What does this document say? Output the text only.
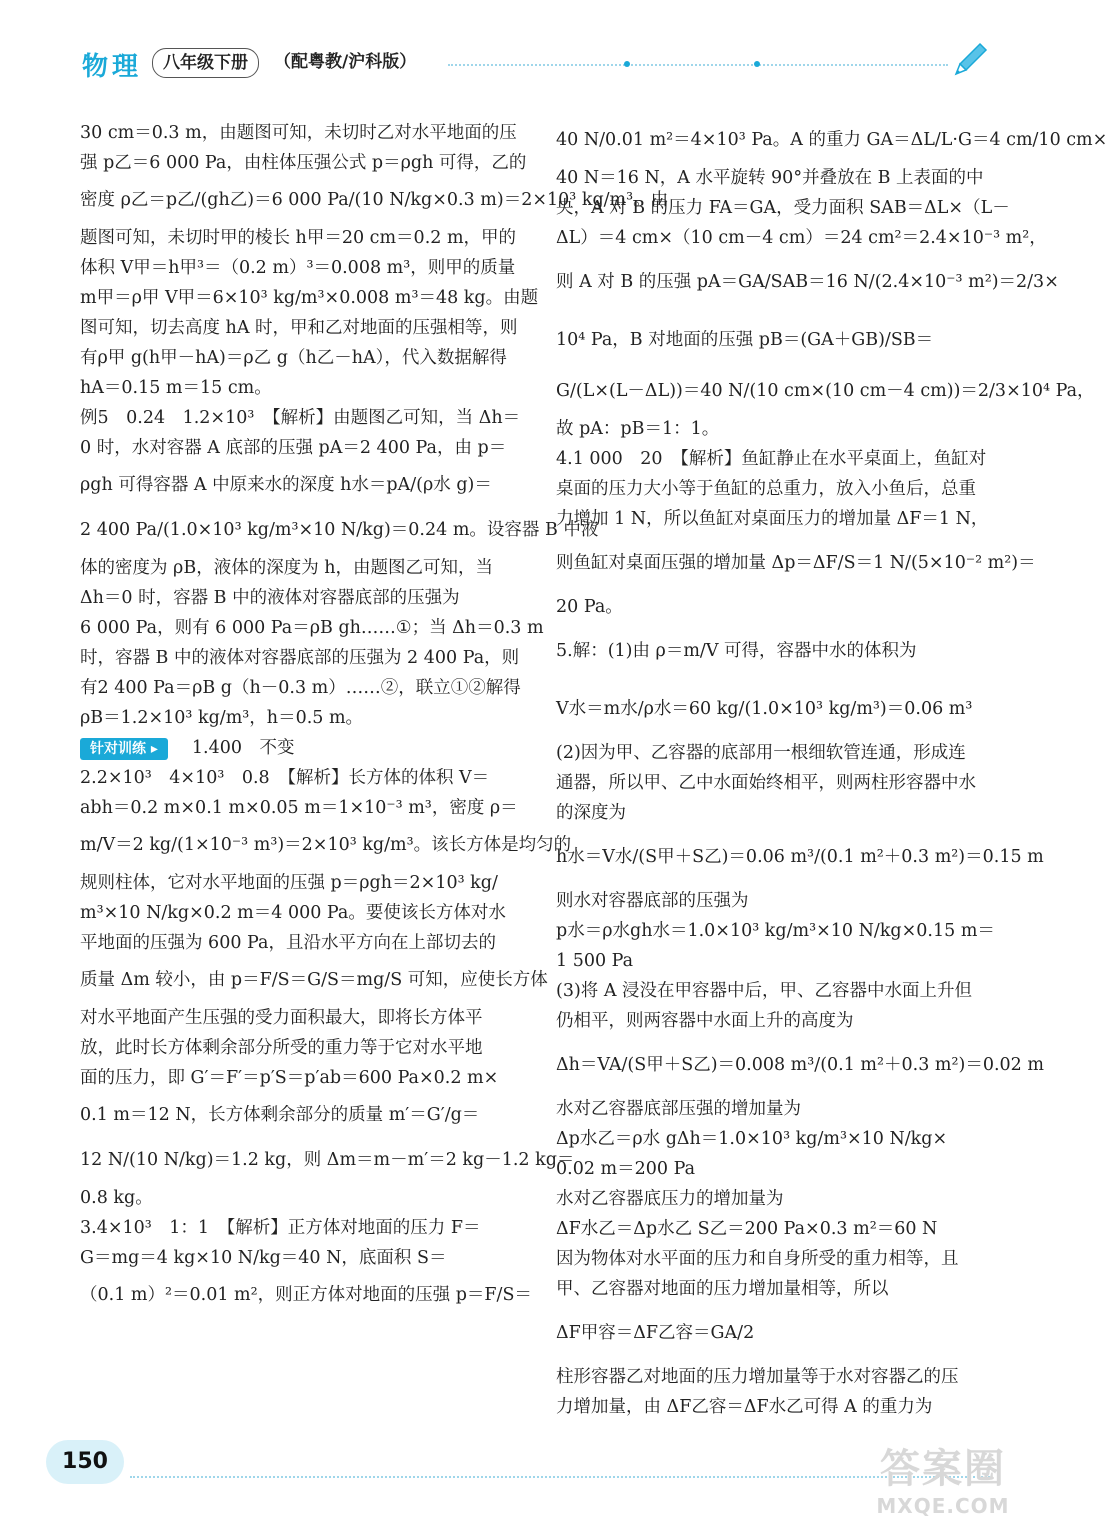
物理	八年级下册	（配粤教/沪科版）
30 cm＝0.3 m，由题图可知，未切时乙对水平地面的压
强 p乙＝6 000 Pa，由柱体压强公式 p＝ρgh 可得，乙的
密度 ρ乙＝p乙/(gh乙)＝6 000 Pa/(10 N/kg×0.3 m)＝2×10³ kg/m³。由
题图可知，未切时甲的棱长 h甲＝20 cm＝0.2 m，甲的
体积 V甲＝h甲³＝（0.2 m）³＝0.008 m³，则甲的质量
m甲＝ρ甲 V甲＝6×10³ kg/m³×0.008 m³＝48 kg。由题
图可知，切去高度 hA 时，甲和乙对地面的压强相等，则
有ρ甲 g(h甲－hA)＝ρ乙 g（h乙－hA），代入数据解得
hA＝0.15 m＝15 cm。
例5　0.24　1.2×10³　【解析】由题图乙可知，当 Δh＝
0 时，水对容器 A 底部的压强 pA＝2 400 Pa，由 p＝
ρgh 可得容器 A 中原来水的深度 h水＝pA/(ρ水 g)＝
2 400 Pa/(1.0×10³ kg/m³×10 N/kg)＝0.24 m。设容器 B 中液
体的密度为 ρB，液体的深度为 h，由题图乙可知，当
Δh＝0 时，容器 B 中的液体对容器底部的压强为
6 000 Pa，则有 6 000 Pa＝ρB gh……①；当 Δh＝0.3 m
时，容器 B 中的液体对容器底部的压强为 2 400 Pa，则
有2 400 Pa＝ρB g（h－0.3 m）……②，联立①②解得
ρB＝1.2×10³ kg/m³，h＝0.5 m。
针对训练 ▸ 1.400　不变
2.2×10³　4×10³　0.8　【解析】长方体的体积 V＝
abh＝0.2 m×0.1 m×0.05 m＝1×10⁻³ m³，密度 ρ＝
m/V＝2 kg/(1×10⁻³ m³)＝2×10³ kg/m³。该长方体是均匀的
规则柱体，它对水平地面的压强 p＝ρgh＝2×10³ kg/
m³×10 N/kg×0.2 m＝4 000 Pa。要使该长方体对水
平地面的压强为 600 Pa，且沿水平方向在上部切去的
质量 Δm 较小，由 p＝F/S＝G/S＝mg/S 可知，应使长方体
对水平地面产生压强的受力面积最大，即将长方体平
放，此时长方体剩余部分所受的重力等于它对水平地
面的压力，即 G′＝F′＝p′S＝p′ab＝600 Pa×0.2 m×
0.1 m＝12 N，长方体剩余部分的质量 m′＝G′/g＝
12 N/(10 N/kg)＝1.2 kg，则 Δm＝m－m′＝2 kg－1.2 kg＝
0.8 kg。
3.4×10³　1：1　【解析】正方体对地面的压力 F＝
G＝mg＝4 kg×10 N/kg＝40 N，底面积 S＝
（0.1 m）²＝0.01 m²，则正方体对地面的压强 p＝F/S＝
40 N/0.01 m²＝4×10³ Pa。A 的重力 GA＝ΔL/L·G＝4 cm/10 cm×
40 N＝16 N，A 水平旋转 90°并叠放在 B 上表面的中
央，A 对 B 的压力 FA＝GA，受力面积 SAB＝ΔL×（L－
ΔL）＝4 cm×（10 cm－4 cm）＝24 cm²＝2.4×10⁻³ m²，
则 A 对 B 的压强 pA＝GA/SAB＝16 N/(2.4×10⁻³ m²)＝2/3×
10⁴ Pa，B 对地面的压强 pB＝(GA＋GB)/SB＝
G/(L×(L－ΔL))＝40 N/(10 cm×(10 cm－4 cm))＝2/3×10⁴ Pa，
故 pA：pB＝1：1。
4.1 000　20　【解析】鱼缸静止在水平桌面上，鱼缸对
桌面的压力大小等于鱼缸的总重力，放入小鱼后，总重
力增加 1 N，所以鱼缸对桌面压力的增加量 ΔF＝1 N，
则鱼缸对桌面压强的增加量 Δp＝ΔF/S＝1 N/(5×10⁻² m²)＝
20 Pa。
5.解：(1)由 ρ＝m/V 可得，容器中水的体积为
V水＝m水/ρ水＝60 kg/(1.0×10³ kg/m³)＝0.06 m³
(2)因为甲、乙容器的底部用一根细软管连通，形成连
通器，所以甲、乙中水面始终相平，则两柱形容器中水
的深度为
h水＝V水/(S甲＋S乙)＝0.06 m³/(0.1 m²＋0.3 m²)＝0.15 m
则水对容器底部的压强为
p水＝ρ水gh水＝1.0×10³ kg/m³×10 N/kg×0.15 m＝
1 500 Pa
(3)将 A 浸没在甲容器中后，甲、乙容器中水面上升但
仍相平，则两容器中水面上升的高度为
Δh＝VA/(S甲＋S乙)＝0.008 m³/(0.1 m²＋0.3 m²)＝0.02 m
水对乙容器底部压强的增加量为
Δp水乙＝ρ水 gΔh＝1.0×10³ kg/m³×10 N/kg×
0.02 m＝200 Pa
水对乙容器底压力的增加量为
ΔF水乙＝Δp水乙 S乙＝200 Pa×0.3 m²＝60 N
因为物体对水平面的压力和自身所受的重力相等，且
甲、乙容器对地面的压力增加量相等，所以
ΔF甲容＝ΔF乙容＝GA/2
柱形容器乙对地面的压力增加量等于水对容器乙的压
力增加量，由 ΔF乙容＝ΔF水乙可得 A 的重力为
150	答案圈
MXQE.COM
